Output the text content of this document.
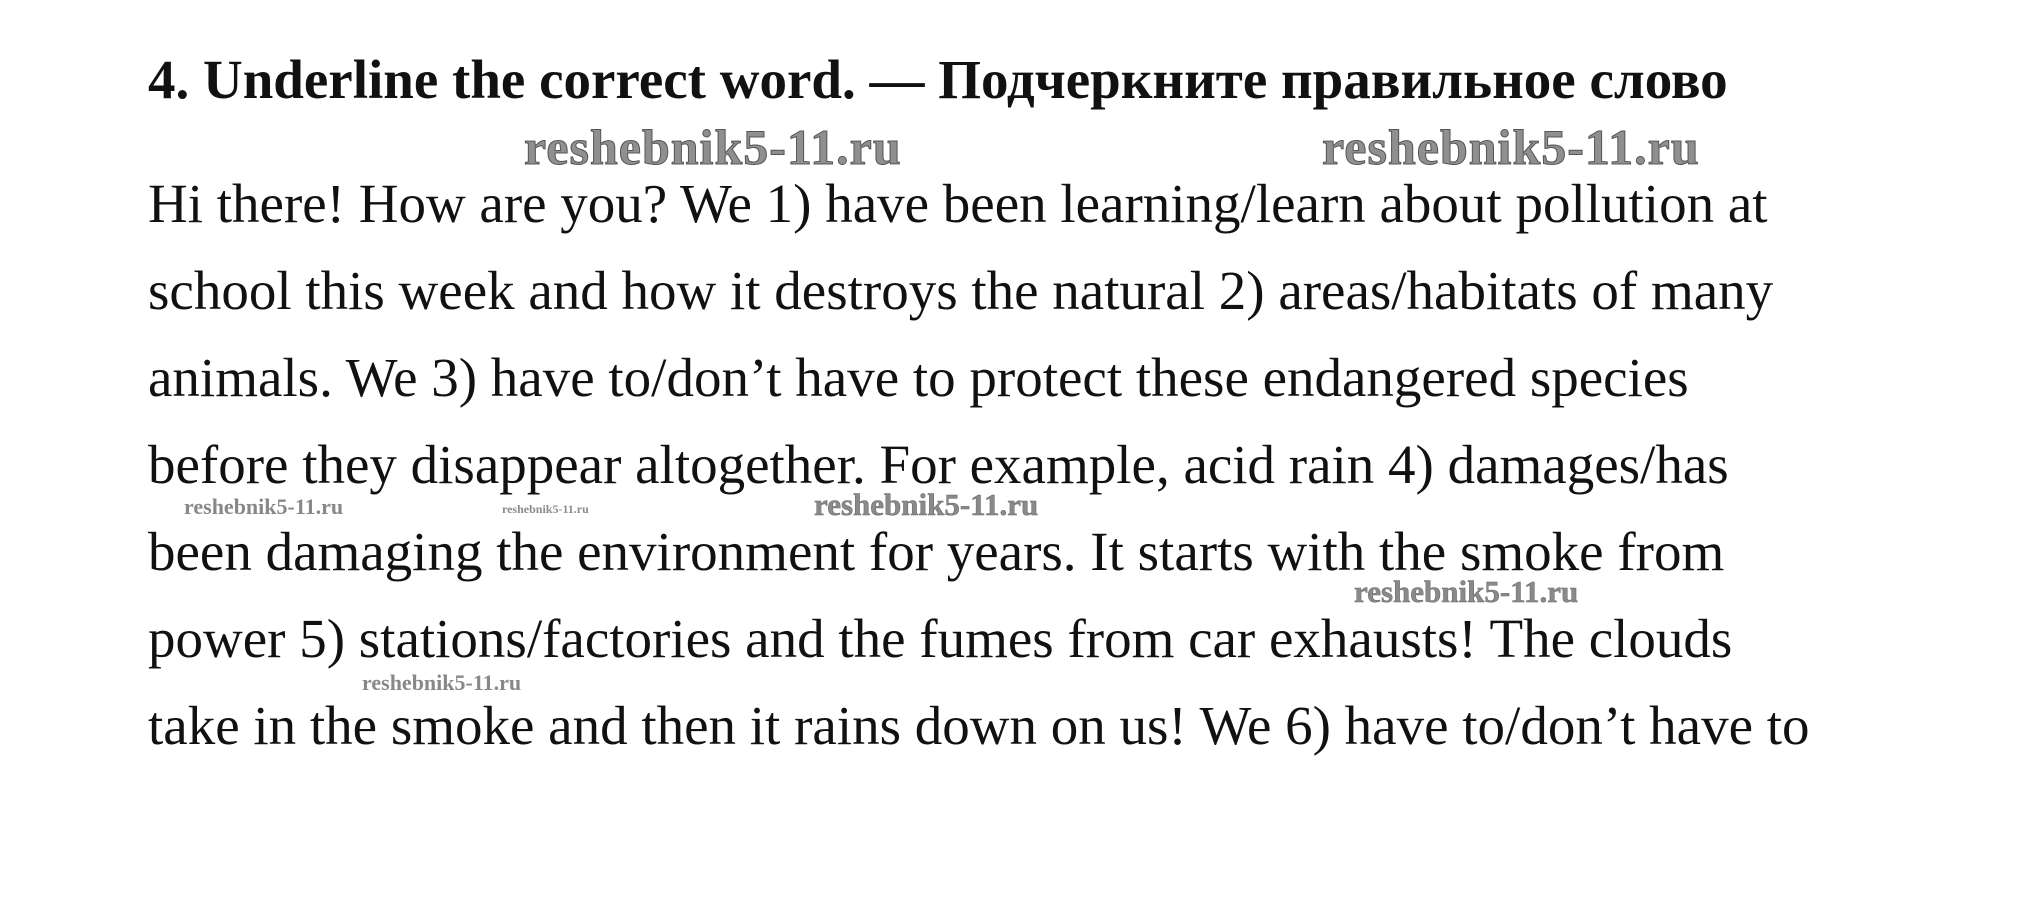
4. Underline the correct word. — Подчеркните правильное слово
reshebnik5-11.ru	reshebnik5-11.ru
Hi there! How are you? We 1) have been learning/learn about pollution at
school this week and how it destroys the natural 2) areas/habitats of many
animals. We 3) have to/don’t have to protect these endangered species
before they disappear altogether. For example, acid rain 4) damages/has
reshebnik5-11.ru	reshebnik5-11.ru	reshebnik5-11.ru
been damaging the environment for years. It starts with the smoke from
reshebnik5-11.ru
power 5) stations/factories and the fumes from car exhausts! The clouds
reshebnik5-11.ru
take in the smoke and then it rains down on us! We 6) have to/don’t have to
